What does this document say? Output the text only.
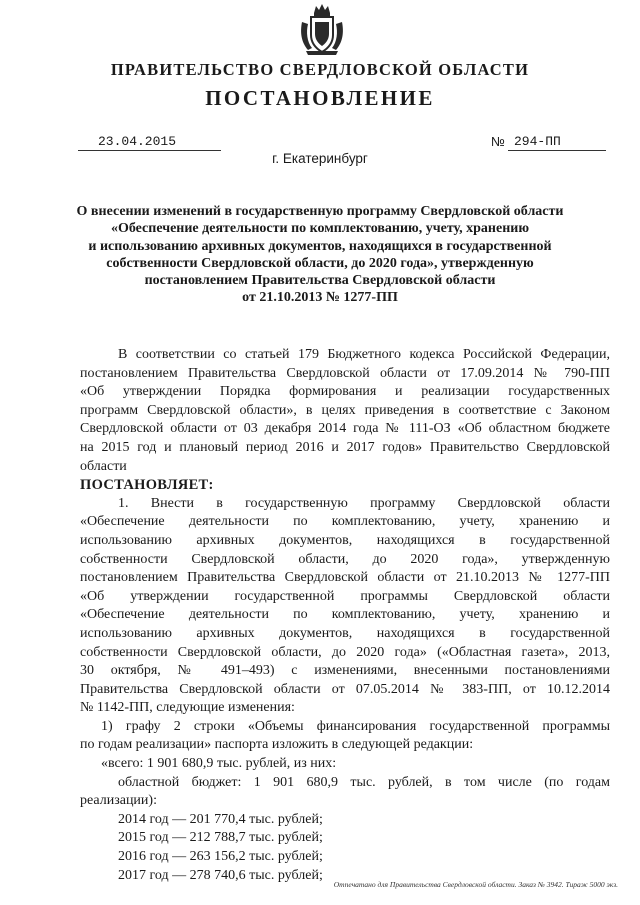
ПРАВИТЕЛЬСТВО СВЕРДЛОВСКОЙ ОБЛАСТИ
ПОСТАНОВЛЕНИЕ
23.04.2015	№ 294-ПП
г. Екатеринбург
О внесении изменений в государственную программу Свердловской области
«Обеспечение деятельности по комплектованию, учету, хранению
и использованию архивных документов, находящихся в государственной
собственности Свердловской области, до 2020 года», утвержденную
постановлением Правительства Свердловской области
от 21.10.2013 № 1277-ПП
В соответствии со статьей 179 Бюджетного кодекса Российской Федерации,
постановлением Правительства Свердловской области от 17.09.2014 № 790-ПП
«Об утверждении Порядка формирования и реализации государственных
программ Свердловской области», в целях приведения в соответствие с Законом
Свердловской области от 03 декабря 2014 года № 111-ОЗ «Об областном бюджете
на 2015 год и плановый период 2016 и 2017 годов» Правительство Свердловской
области
ПОСТАНОВЛЯЕТ:
1. Внести в государственную программу Свердловской области
«Обеспечение деятельности по комплектованию, учету, хранению и
использованию архивных документов, находящихся в государственной
собственности Свердловской области, до 2020 года», утвержденную
постановлением Правительства Свердловской области от 21.10.2013 № 1277-ПП
«Об утверждении государственной программы Свердловской области
«Обеспечение деятельности по комплектованию, учету, хранению и
использованию архивных документов, находящихся в государственной
собственности Свердловской области, до 2020 года» («Областная газета», 2013,
30 октября, № 491–493) с изменениями, внесенными постановлениями
Правительства Свердловской области от 07.05.2014 № 383-ПП, от 10.12.2014
№ 1142-ПП, следующие изменения:
1) графу 2 строки «Объемы финансирования государственной программы
по годам реализации» паспорта изложить в следующей редакции:
«всего: 1 901 680,9 тыс. рублей, из них:
областной бюджет: 1 901 680,9 тыс. рублей, в том числе (по годам
реализации):
2014 год — 201 770,4 тыс. рублей;
2015 год — 212 788,7 тыс. рублей;
2016 год — 263 156,2 тыс. рублей;
2017 год — 278 740,6 тыс. рублей;
Отпечатано для Правительства Свердловской области. Заказ № 3942. Тираж 5000 экз.
